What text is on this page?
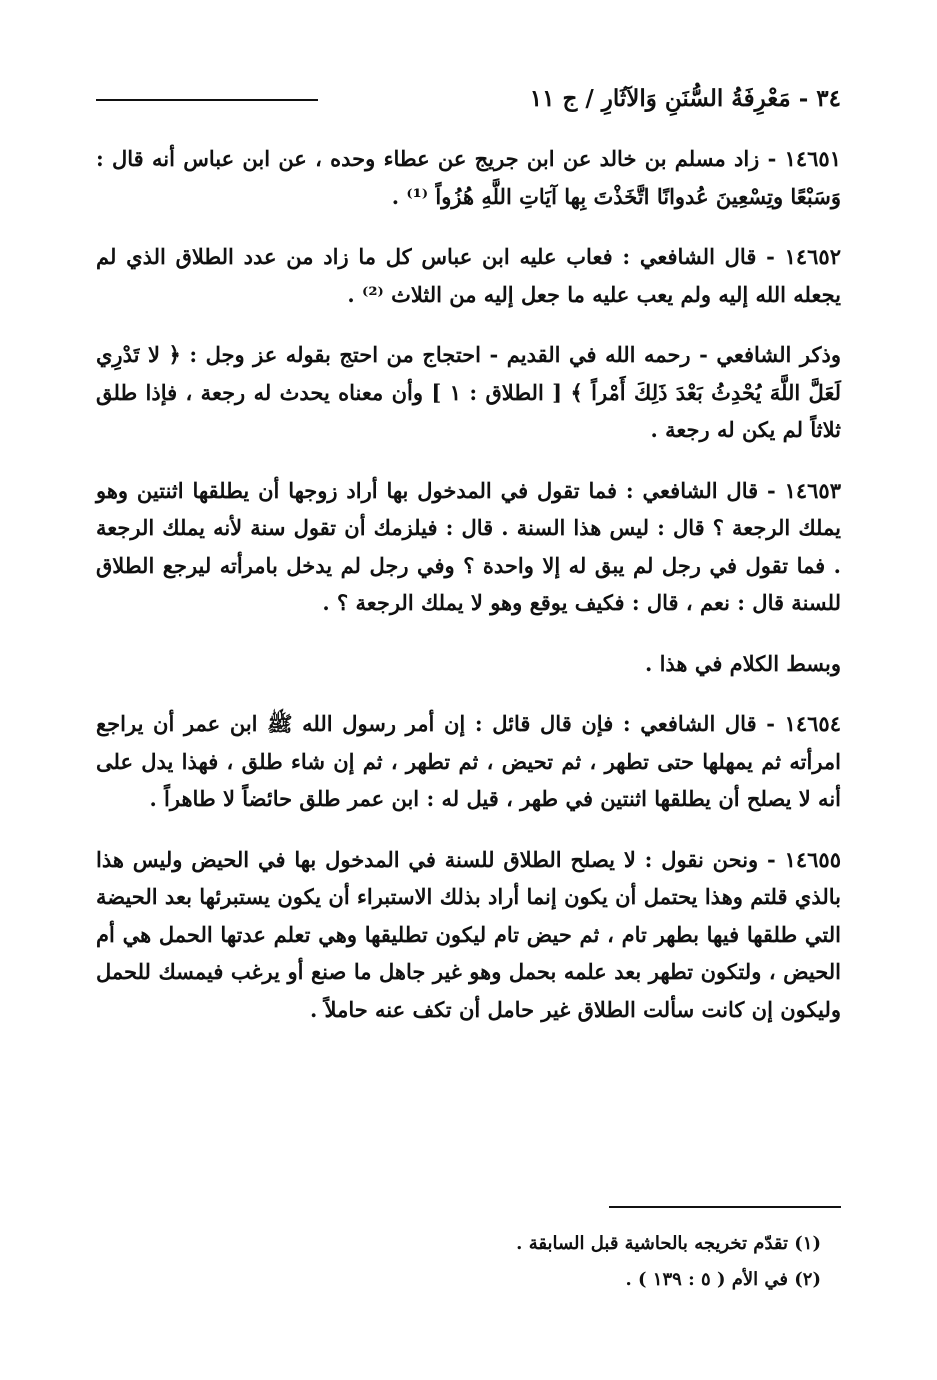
٣٤ - مَعْرِفَةُ السُّنَنِ وَالآثَارِ / ج ١١

١٤٦٥١ - زاد مسلم بن خالد عن ابن جريج عن عطاء وحده ، عن ابن عباس أنه قال : وَسَبْعًا وتِسْعِينَ عُدوانًا اتَّخَذْتَ بِها آيَاتِ اللَّهِ هُزُواً ⁽¹⁾ .

١٤٦٥٢ - قال الشافعي : فعاب عليه ابن عباس كل ما زاد من عدد الطلاق الذي لم يجعله الله إليه ولم يعب عليه ما جعل إليه من الثلاث ⁽²⁾ .

وذكر الشافعي - رحمه الله في القديم - احتجاج من احتج بقوله عز وجل : ﴿ لا تَدْرِي لَعَلَّ اللَّهَ يُحْدِثُ بَعْدَ ذَلِكَ أَمْراً ﴾ [ الطلاق : ١ ] وأن معناه يحدث له رجعة ، فإذا طلق ثلاثاً لم يكن له رجعة .

١٤٦٥٣ - قال الشافعي : فما تقول في المدخول بها أراد زوجها أن يطلقها اثنتين وهو يملك الرجعة ؟ قال : ليس هذا السنة . قال : فيلزمك أن تقول سنة لأنه يملك الرجعة . فما تقول في رجل لم يبق له إلا واحدة ؟ وفي رجل لم يدخل بامرأته ليرجع الطلاق للسنة قال : نعم ، قال : فكيف يوقع وهو لا يملك الرجعة ؟ .

وبسط الكلام في هذا .

١٤٦٥٤ - قال الشافعي : فإن قال قائل : إن أمر رسول الله ﷺ ابن عمر أن يراجع امرأته ثم يمهلها حتى تطهر ، ثم تحيض ، ثم تطهر ، ثم إن شاء طلق ، فهذا يدل على أنه لا يصلح أن يطلقها اثنتين في طهر ، قيل له : ابن عمر طلق حائضاً لا طاهراً .

١٤٦٥٥ - ونحن نقول : لا يصلح الطلاق للسنة في المدخول بها في الحيض وليس هذا بالذي قلتم وهذا يحتمل أن يكون إنما أراد بذلك الاستبراء أن يكون يستبرئها بعد الحيضة التي طلقها فيها بطهر تام ، ثم حيض تام ليكون تطليقها وهي تعلم عدتها الحمل هي أم الحيض ، ولتكون تطهر بعد علمه بحمل وهو غير جاهل ما صنع أو يرغب فيمسك للحمل وليكون إن كانت سألت الطلاق غير حامل أن تكف عنه حاملاً .

(١) تقدّم تخريجه بالحاشية قبل السابقة .

(٢) في الأم ( ٥ : ١٣٩ ) .
